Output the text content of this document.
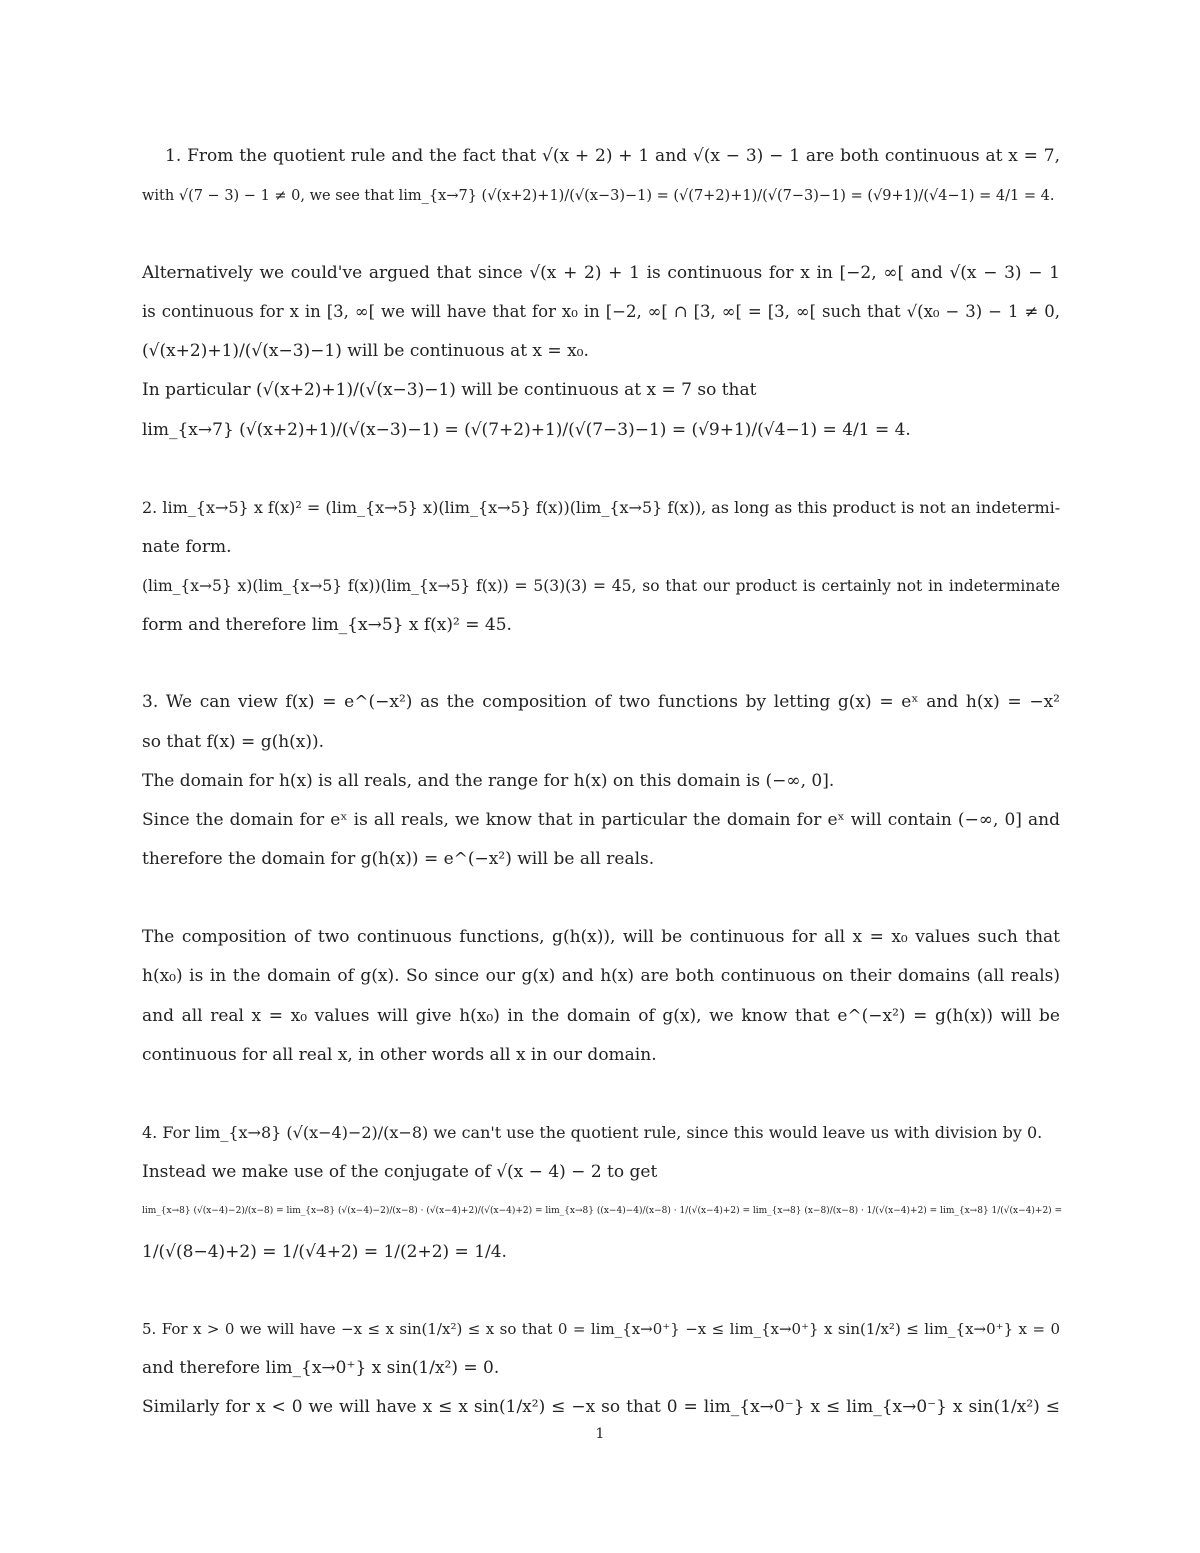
1. From the quotient rule and the fact that √(x + 2) + 1 and √(x − 3) − 1 are both continuous at x = 7,
with √(7 − 3) − 1 ≠ 0, we see that lim_{x→7} (√(x+2)+1)/(√(x−3)−1) = (√(7+2)+1)/(√(7−3)−1) = (√9+1)/(√4−1) = 4/1 = 4.
Alternatively we could've argued that since √(x + 2) + 1 is continuous for x in [−2, ∞[ and √(x − 3) − 1
is continuous for x in [3, ∞[ we will have that for x₀ in [−2, ∞[ ∩ [3, ∞[ = [3, ∞[ such that √(x₀ − 3) − 1 ≠ 0,
(√(x+2)+1)/(√(x−3)−1) will be continuous at x = x₀.
In particular (√(x+2)+1)/(√(x−3)−1) will be continuous at x = 7 so that
lim_{x→7} (√(x+2)+1)/(√(x−3)−1) = (√(7+2)+1)/(√(7−3)−1) = (√9+1)/(√4−1) = 4/1 = 4.
2. lim_{x→5} x f(x)² = (lim_{x→5} x)(lim_{x→5} f(x))(lim_{x→5} f(x)), as long as this product is not an indetermi-
nate form.
(lim_{x→5} x)(lim_{x→5} f(x))(lim_{x→5} f(x)) = 5(3)(3) = 45, so that our product is certainly not in indeterminate
form and therefore lim_{x→5} x f(x)² = 45.
3. We can view f(x) = e^(−x²) as the composition of two functions by letting g(x) = eˣ and h(x) = −x²
so that f(x) = g(h(x)).
The domain for h(x) is all reals, and the range for h(x) on this domain is (−∞, 0].
Since the domain for eˣ is all reals, we know that in particular the domain for eˣ will contain (−∞, 0] and
therefore the domain for g(h(x)) = e^(−x²) will be all reals.
The composition of two continuous functions, g(h(x)), will be continuous for all x = x₀ values such that
h(x₀) is in the domain of g(x). So since our g(x) and h(x) are both continuous on their domains (all reals)
and all real x = x₀ values will give h(x₀) in the domain of g(x), we know that e^(−x²) = g(h(x)) will be
continuous for all real x, in other words all x in our domain.
4. For lim_{x→8} (√(x−4)−2)/(x−8) we can't use the quotient rule, since this would leave us with division by 0.
Instead we make use of the conjugate of √(x − 4) − 2 to get
lim_{x→8} (√(x−4)−2)/(x−8) = lim_{x→8} (√(x−4)−2)/(x−8) · (√(x−4)+2)/(√(x−4)+2) = lim_{x→8} ((x−4)−4)/(x−8) · 1/(√(x−4)+2) = lim_{x→8} (x−8)/(x−8) · 1/(√(x−4)+2) = lim_{x→8} 1/(√(x−4)+2) =
1/(√(8−4)+2) = 1/(√4+2) = 1/(2+2) = 1/4.
5. For x > 0 we will have −x ≤ x sin(1/x²) ≤ x so that 0 = lim_{x→0⁺} −x ≤ lim_{x→0⁺} x sin(1/x²) ≤ lim_{x→0⁺} x = 0
and therefore lim_{x→0⁺} x sin(1/x²) = 0.
Similarly for x < 0 we will have x ≤ x sin(1/x²) ≤ −x so that 0 = lim_{x→0⁻} x ≤ lim_{x→0⁻} x sin(1/x²) ≤
1
